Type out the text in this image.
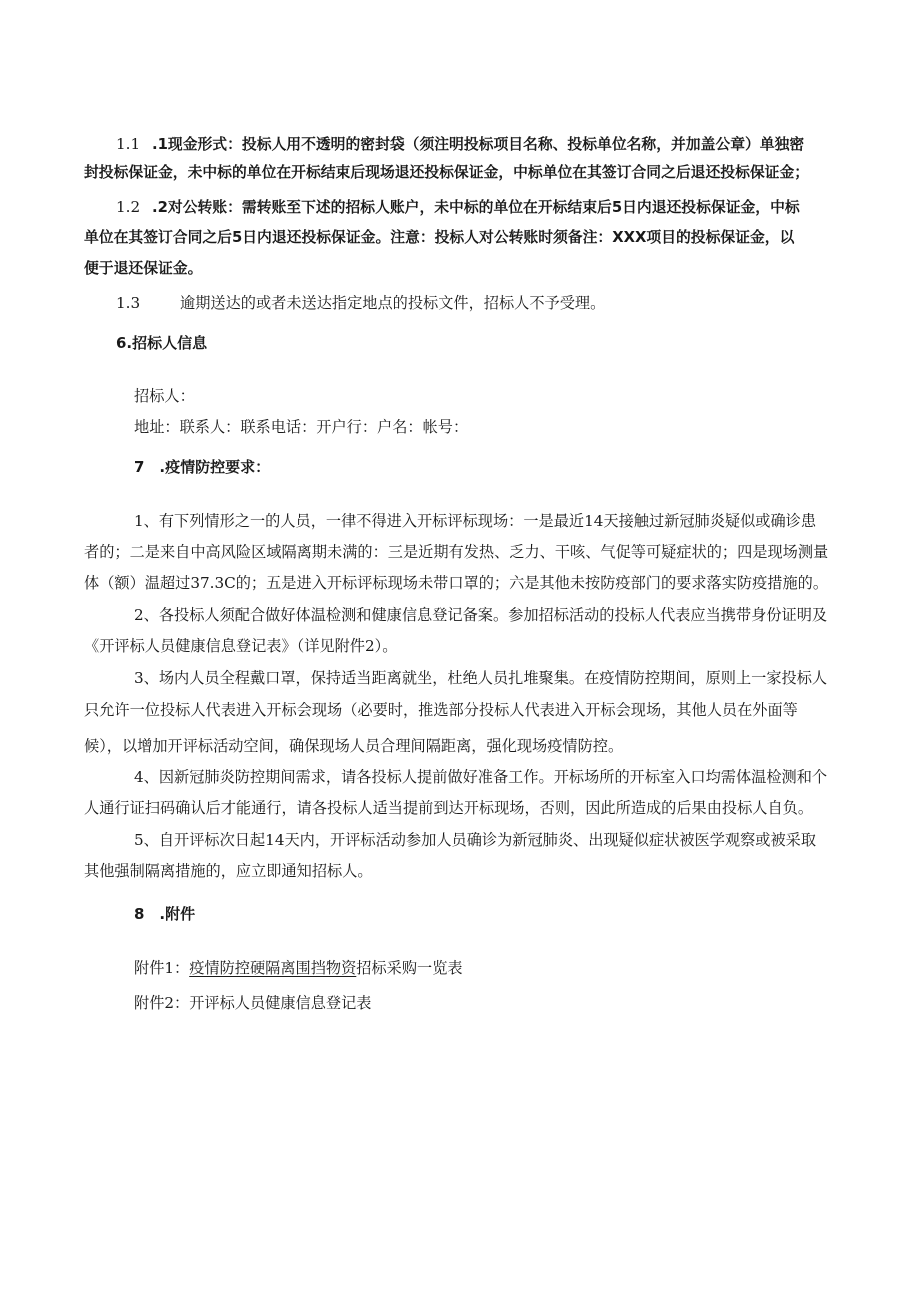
1.1 .1现金形式：投标人用不透明的密封袋（须注明投标项目名称、投标单位名称，并加盖公章）单独密
封投标保证金，未中标的单位在开标结束后现场退还投标保证金，中标单位在其签订合同之后退还投标保证金；
1.2 .2对公转账：需转账至下述的招标人账户，未中标的单位在开标结束后5日内退还投标保证金，中标
单位在其签订合同之后5日内退还投标保证金。注意：投标人对公转账时须备注：XXX项目的投标保证金，以
便于退还保证金。
1.3	逾期送达的或者未送达指定地点的投标文件，招标人不予受理。
6.招标人信息
招标人：
地址：联系人：联系电话：开户行：户名：帐号：
7　.疫情防控要求：
1、有下列情形之一的人员，一律不得进入开标评标现场：一是最近14天接触过新冠肺炎疑似或确诊患
者的；二是来自中高风险区域隔离期未满的：三是近期有发热、乏力、干咳、气促等可疑症状的；四是现场测量
体（额）温超过37.3C的；五是进入开标评标现场未带口罩的；六是其他未按防疫部门的要求落实防疫措施的。
2、各投标人须配合做好体温检测和健康信息登记备案。参加招标活动的投标人代表应当携带身份证明及
《开评标人员健康信息登记表》（详见附件2）。
3、场内人员全程戴口罩，保持适当距离就坐，杜绝人员扎堆聚集。在疫情防控期间，原则上一家投标人
只允许一位投标人代表进入开标会现场（必要时，推选部分投标人代表进入开标会现场，其他人员在外面等
候），以增加开评标活动空间，确保现场人员合理间隔距离，强化现场疫情防控。
4、因新冠肺炎防控期间需求，请各投标人提前做好准备工作。开标场所的开标室入口均需体温检测和个
人通行证扫码确认后才能通行，请各投标人适当提前到达开标现场，否则，因此所造成的后果由投标人自负。
5、自开评标次日起14天内，开评标活动参加人员确诊为新冠肺炎、出现疑似症状被医学观察或被采取
其他强制隔离措施的，应立即通知招标人。
8　.附件
附件1：疫情防控硬隔离围挡物资招标采购一览表
附件2：开评标人员健康信息登记表
